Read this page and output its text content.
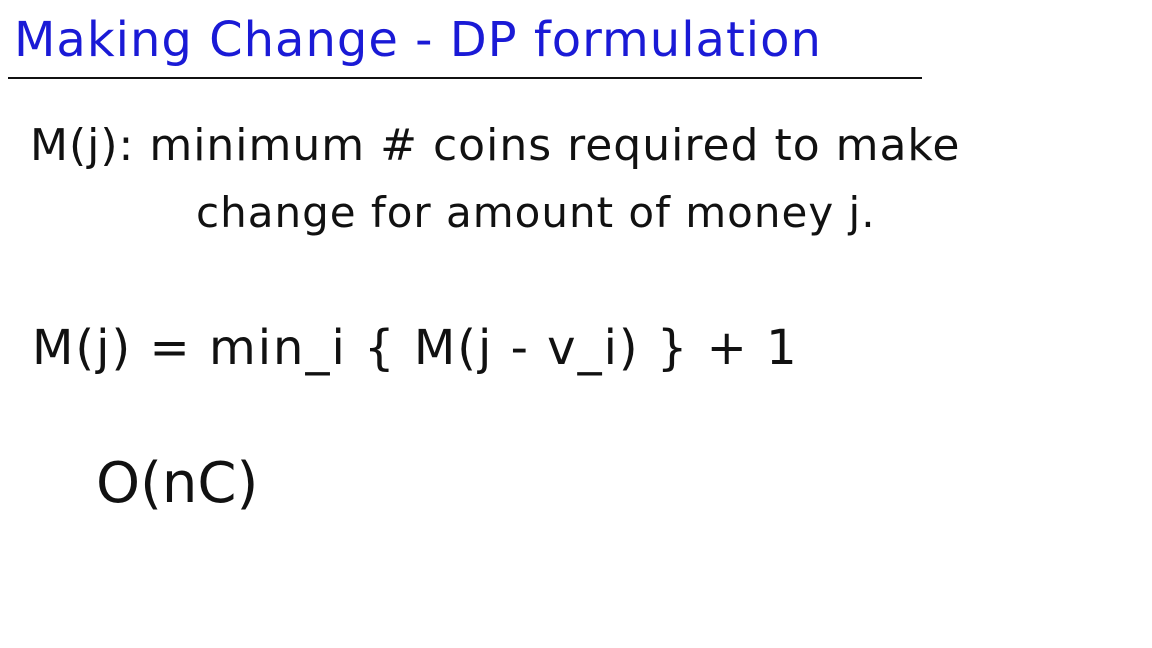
Making Change - DP formulation

M(j): minimum # coins required to make

change for amount of money j.

M(j) = min_i { M(j - v_i) } + 1

O(nC)
